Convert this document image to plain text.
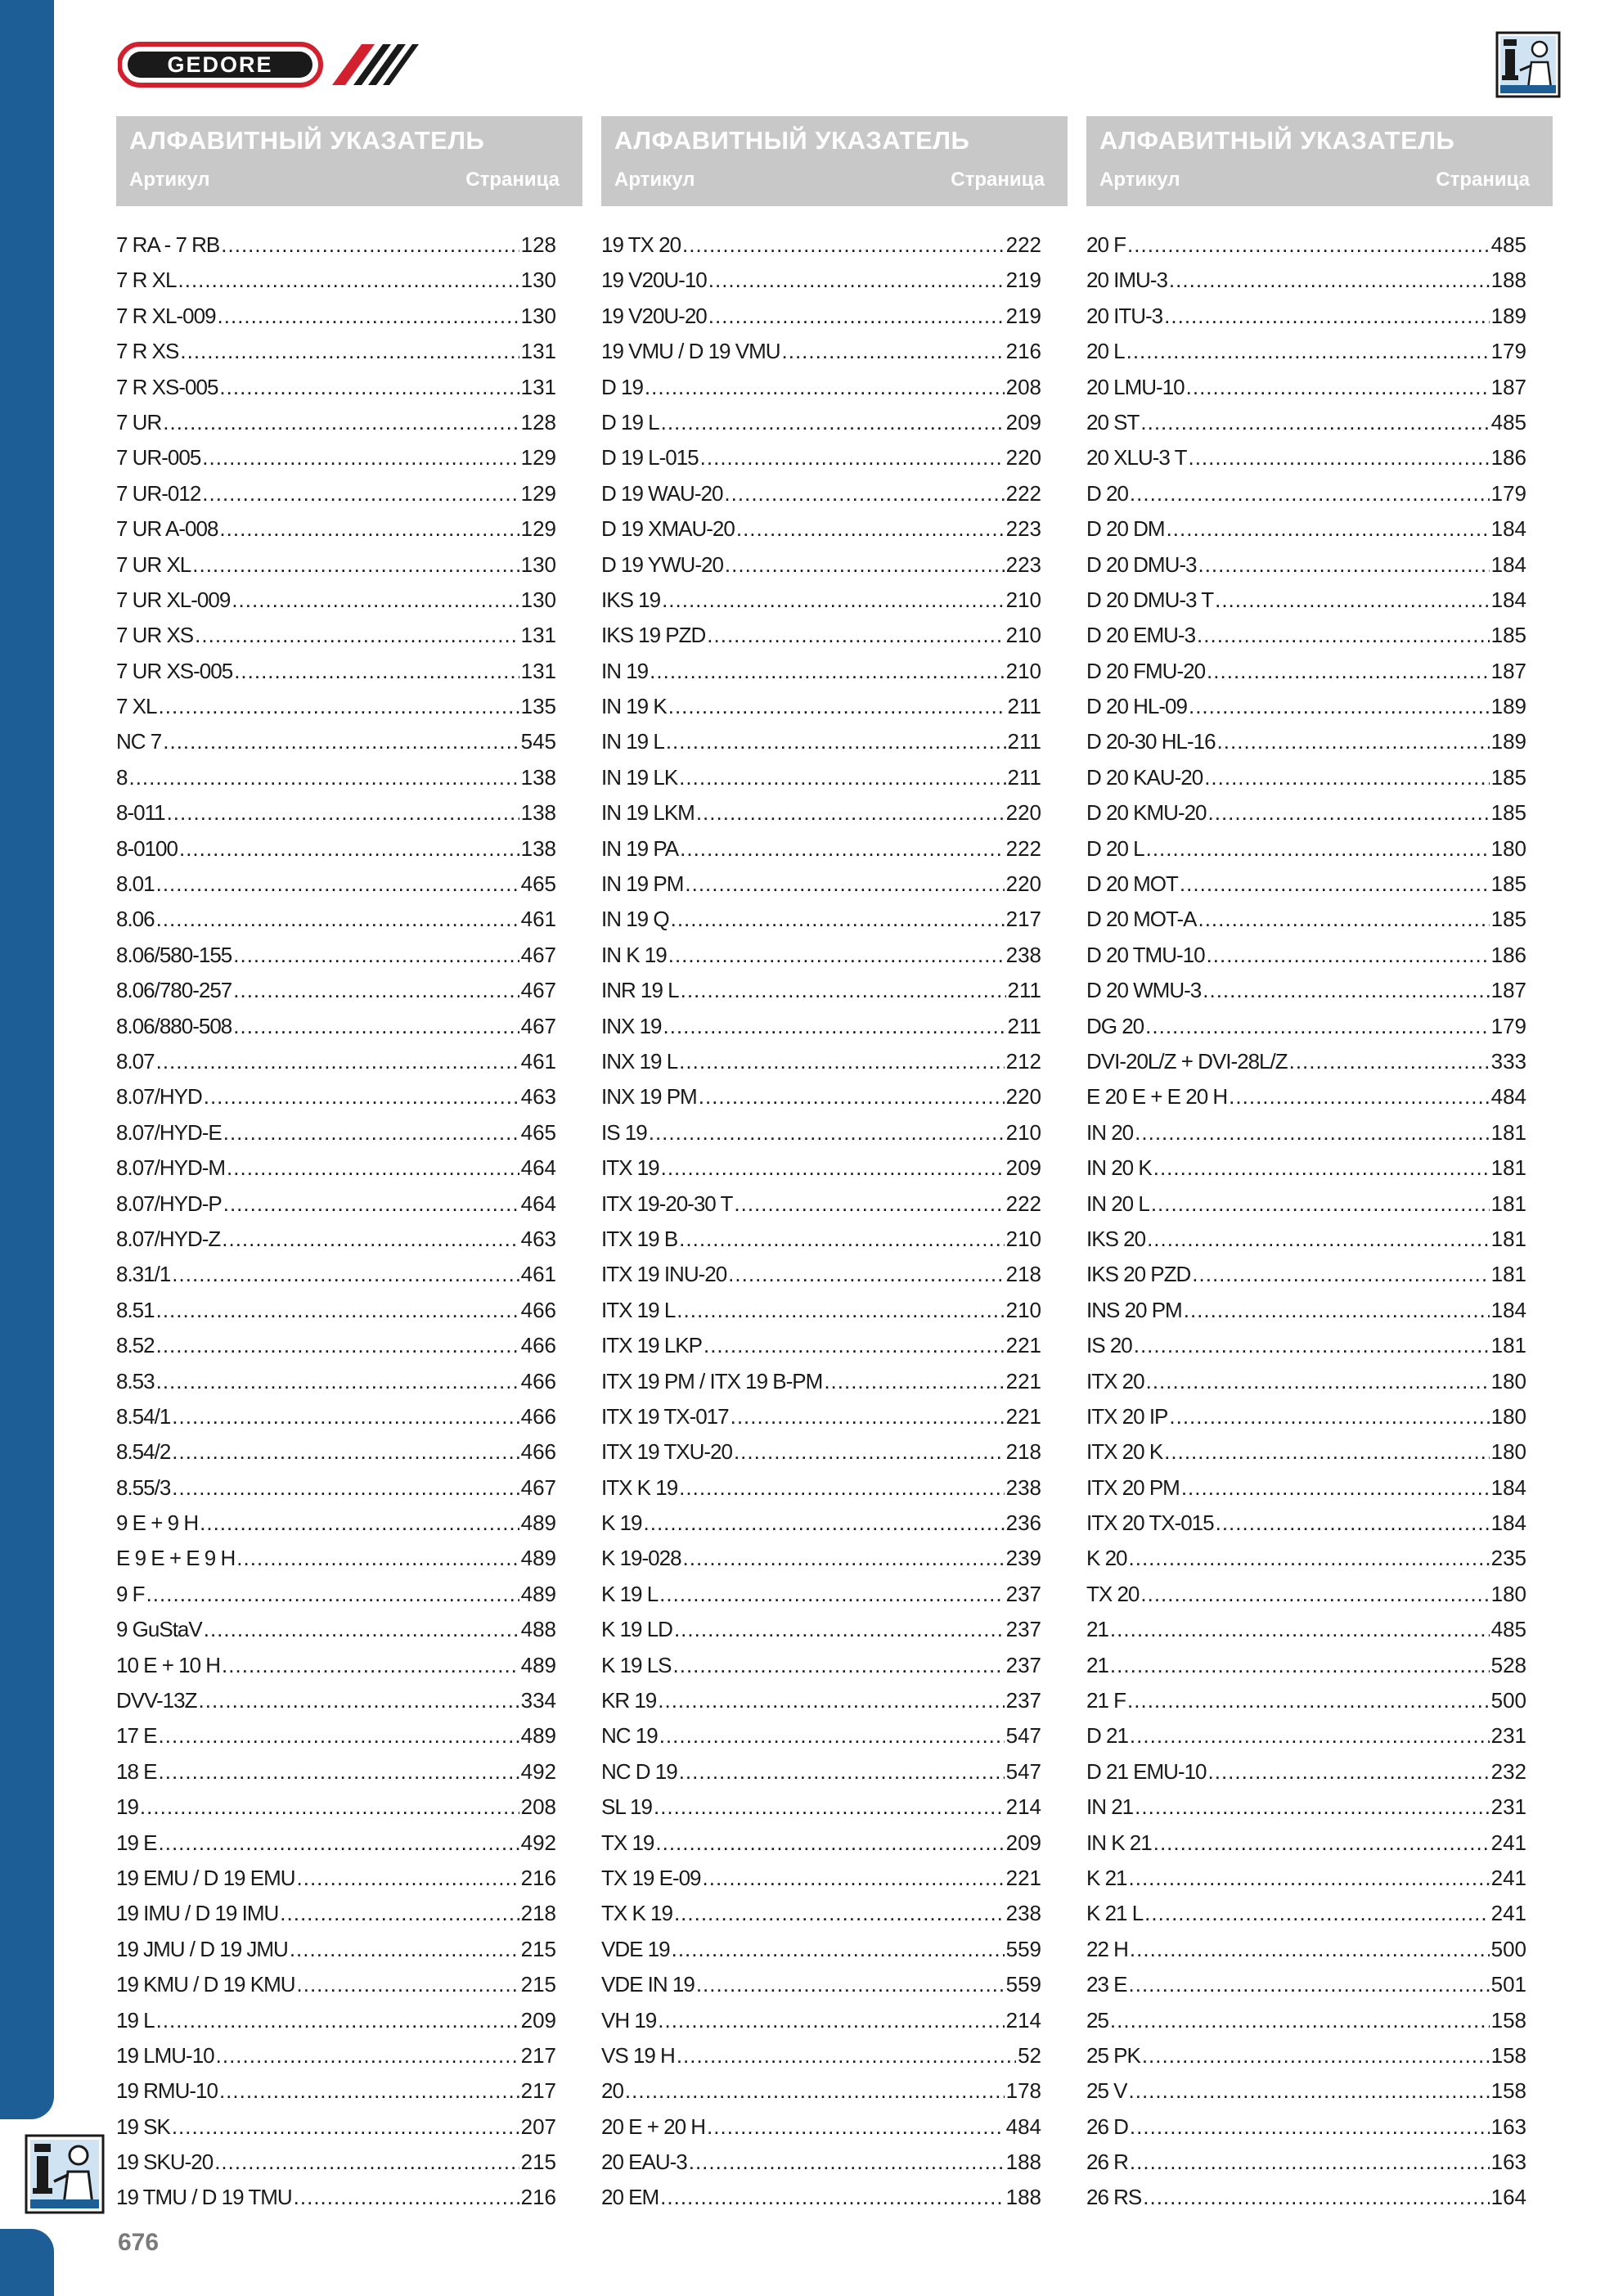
GEDORE
АЛФАВИТНЫЙ УКАЗАТЕЛЬ
Артикул	Страница
АЛФАВИТНЫЙ УКАЗАТЕЛЬ
Артикул	Страница
АЛФАВИТНЫЙ УКАЗАТЕЛЬ
Артикул	Страница
7 RA - 7 RB .....	128
7 R XL .....	130
7 R XL-009 .....	130
7 R XS .....	131
7 R XS-005 .....	131
7 UR .....	128
7 UR-005 .....	129
7 UR-012 .....	129
7 UR A-008 .....	129
7 UR XL .....	130
7 UR XL-009 .....	130
7 UR XS .....	131
7 UR XS-005 .....	131
7 XL .....	135
NC 7 .....	545
8 .....	138
8-011 .....	138
8-0100 .....	138
8.01 .....	465
8.06 .....	461
8.06/580-155 .....	467
8.06/780-257 .....	467
8.06/880-508 .....	467
8.07 .....	461
8.07/HYD .....	463
8.07/HYD-E .....	465
8.07/HYD-M .....	464
8.07/HYD-P .....	464
8.07/HYD-Z .....	463
8.31/1 .....	461
8.51 .....	466
8.52 .....	466
8.53 .....	466
8.54/1 .....	466
8.54/2 .....	466
8.55/3 .....	467
9 E + 9 H .....	489
E 9 E + E 9 H .....	489
9 F .....	489
9 GuStaV .....	488
10 E + 10 H .....	489
DVV-13Z .....	334
17 E .....	489
18 E .....	492
19 .....	208
19 E .....	492
19 EMU / D 19 EMU .....	216
19 IMU / D 19 IMU .....	218
19 JMU / D 19 JMU .....	215
19 KMU / D 19 KMU .....	215
19 L .....	209
19 LMU-10 .....	217
19 RMU-10 .....	217
19 SK .....	207
19 SKU-20 .....	215
19 TMU / D 19 TMU .....	216
19 TX 20 .....	222
19 V20U-10 .....	219
19 V20U-20 .....	219
19 VMU / D 19 VMU .....	216
D 19 .....	208
D 19 L .....	209
D 19 L-015 .....	220
D 19 WAU-20 .....	222
D 19 XMAU-20 .....	223
D 19 YWU-20 .....	223
IKS 19 .....	210
IKS 19 PZD .....	210
IN 19 .....	210
IN 19 K .....	211
IN 19 L .....	211
IN 19 LK .....	211
IN 19 LKM .....	220
IN 19 PA .....	222
IN 19 PM .....	220
IN 19 Q .....	217
IN K 19 .....	238
INR 19 L .....	211
INX 19 .....	211
INX 19 L .....	212
INX 19 PM .....	220
IS 19 .....	210
ITX 19 .....	209
ITX 19-20-30 T .....	222
ITX 19 B .....	210
ITX 19 INU-20 .....	218
ITX 19 L .....	210
ITX 19 LKP .....	221
ITX 19 PM / ITX 19 B-PM .....	221
ITX 19 TX-017 .....	221
ITX 19 TXU-20 .....	218
ITX K 19 .....	238
K 19 .....	236
K 19-028 .....	239
K 19 L .....	237
K 19 LD .....	237
K 19 LS .....	237
KR 19 .....	237
NC 19 .....	547
NC D 19 .....	547
SL 19 .....	214
TX 19 .....	209
TX 19 E-09 .....	221
TX K 19 .....	238
VDE 19 .....	559
VDE IN 19 .....	559
VH 19 .....	214
VS 19 H .....	52
20 .....	178
20 E + 20 H .....	484
20 EAU-3 .....	188
20 EM .....	188
20 F .....	485
20 IMU-3 .....	188
20 ITU-3 .....	189
20 L .....	179
20 LMU-10 .....	187
20 ST .....	485
20 XLU-3 T .....	186
D 20 .....	179
D 20 DM .....	184
D 20 DMU-3 .....	184
D 20 DMU-3 T .....	184
D 20 EMU-3 .....	185
D 20 FMU-20 .....	187
D 20 HL-09 .....	189
D 20-30 HL-16 .....	189
D 20 KAU-20 .....	185
D 20 KMU-20 .....	185
D 20 L .....	180
D 20 MOT .....	185
D 20 MOT-A .....	185
D 20 TMU-10 .....	186
D 20 WMU-3 .....	187
DG 20 .....	179
DVI-20L/Z + DVI-28L/Z .....	333
E 20 E + E 20 H .....	484
IN 20 .....	181
IN 20 K .....	181
IN 20 L .....	181
IKS 20 .....	181
IKS 20 PZD .....	181
INS 20 PM .....	184
IS 20 .....	181
ITX 20 .....	180
ITX 20 IP .....	180
ITX 20 K .....	180
ITX 20 PM .....	184
ITX 20 TX-015 .....	184
K 20 .....	235
TX 20 .....	180
21 .....	485
21 .....	528
21 F .....	500
D 21 .....	231
D 21 EMU-10 .....	232
IN 21 .....	231
IN K 21 .....	241
K 21 .....	241
K 21 L .....	241
22 H .....	500
23 E .....	501
25 .....	158
25 PK .....	158
25 V .....	158
26 D .....	163
26 R .....	163
26 RS .....	164
676
